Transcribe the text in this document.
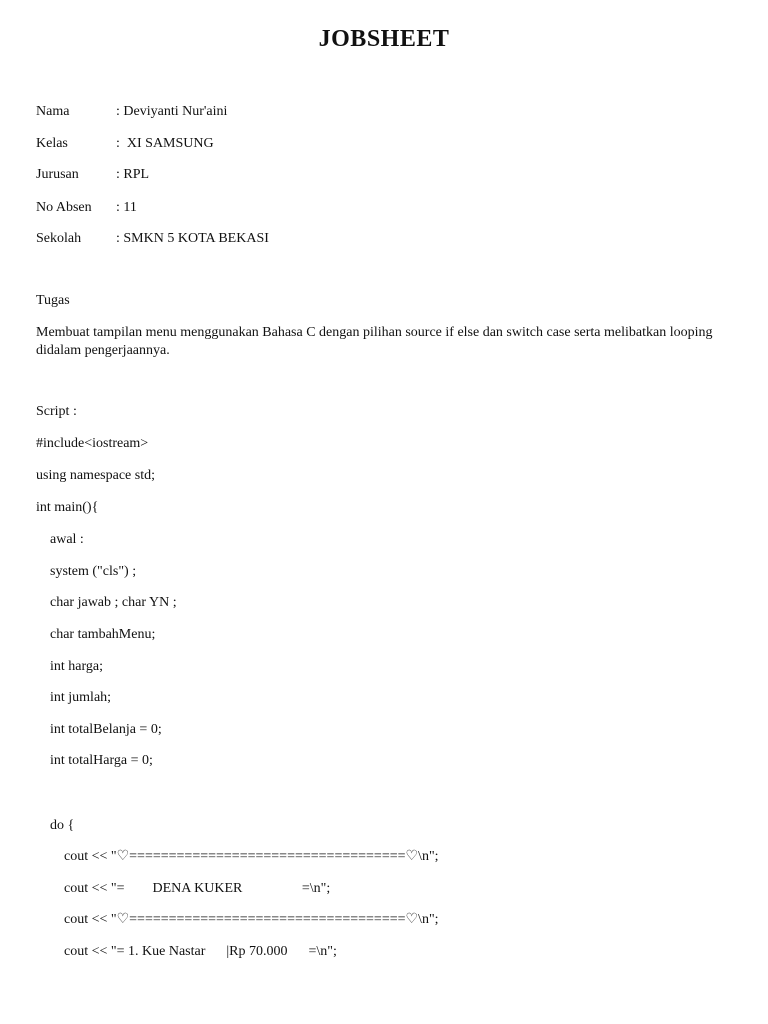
JOBSHEET
Nama	: Deviyanti Nur'aini
Kelas	:  XI SAMSUNG
Jurusan	: RPL
No Absen : 11
Sekolah : SMKN 5 KOTA BEKASI
Tugas
Membuat tampilan menu menggunakan Bahasa C dengan pilihan source if else dan switch case serta melibatkan looping didalam pengerjaannya.
Script :
#include<iostream>
using namespace std;
int main(){
awal :
system ("cls") ;
char jawab ; char YN ;
char tambahMenu;
int harga;
int jumlah;
int totalBelanja = 0;
int totalHarga = 0;
do {
cout << "♡===================================♡\n";
cout << "=        DENA KUKER                 =\n";
cout << "♡===================================♡\n";
cout << "= 1. Kue Nastar      |Rp 70.000      =\n";
